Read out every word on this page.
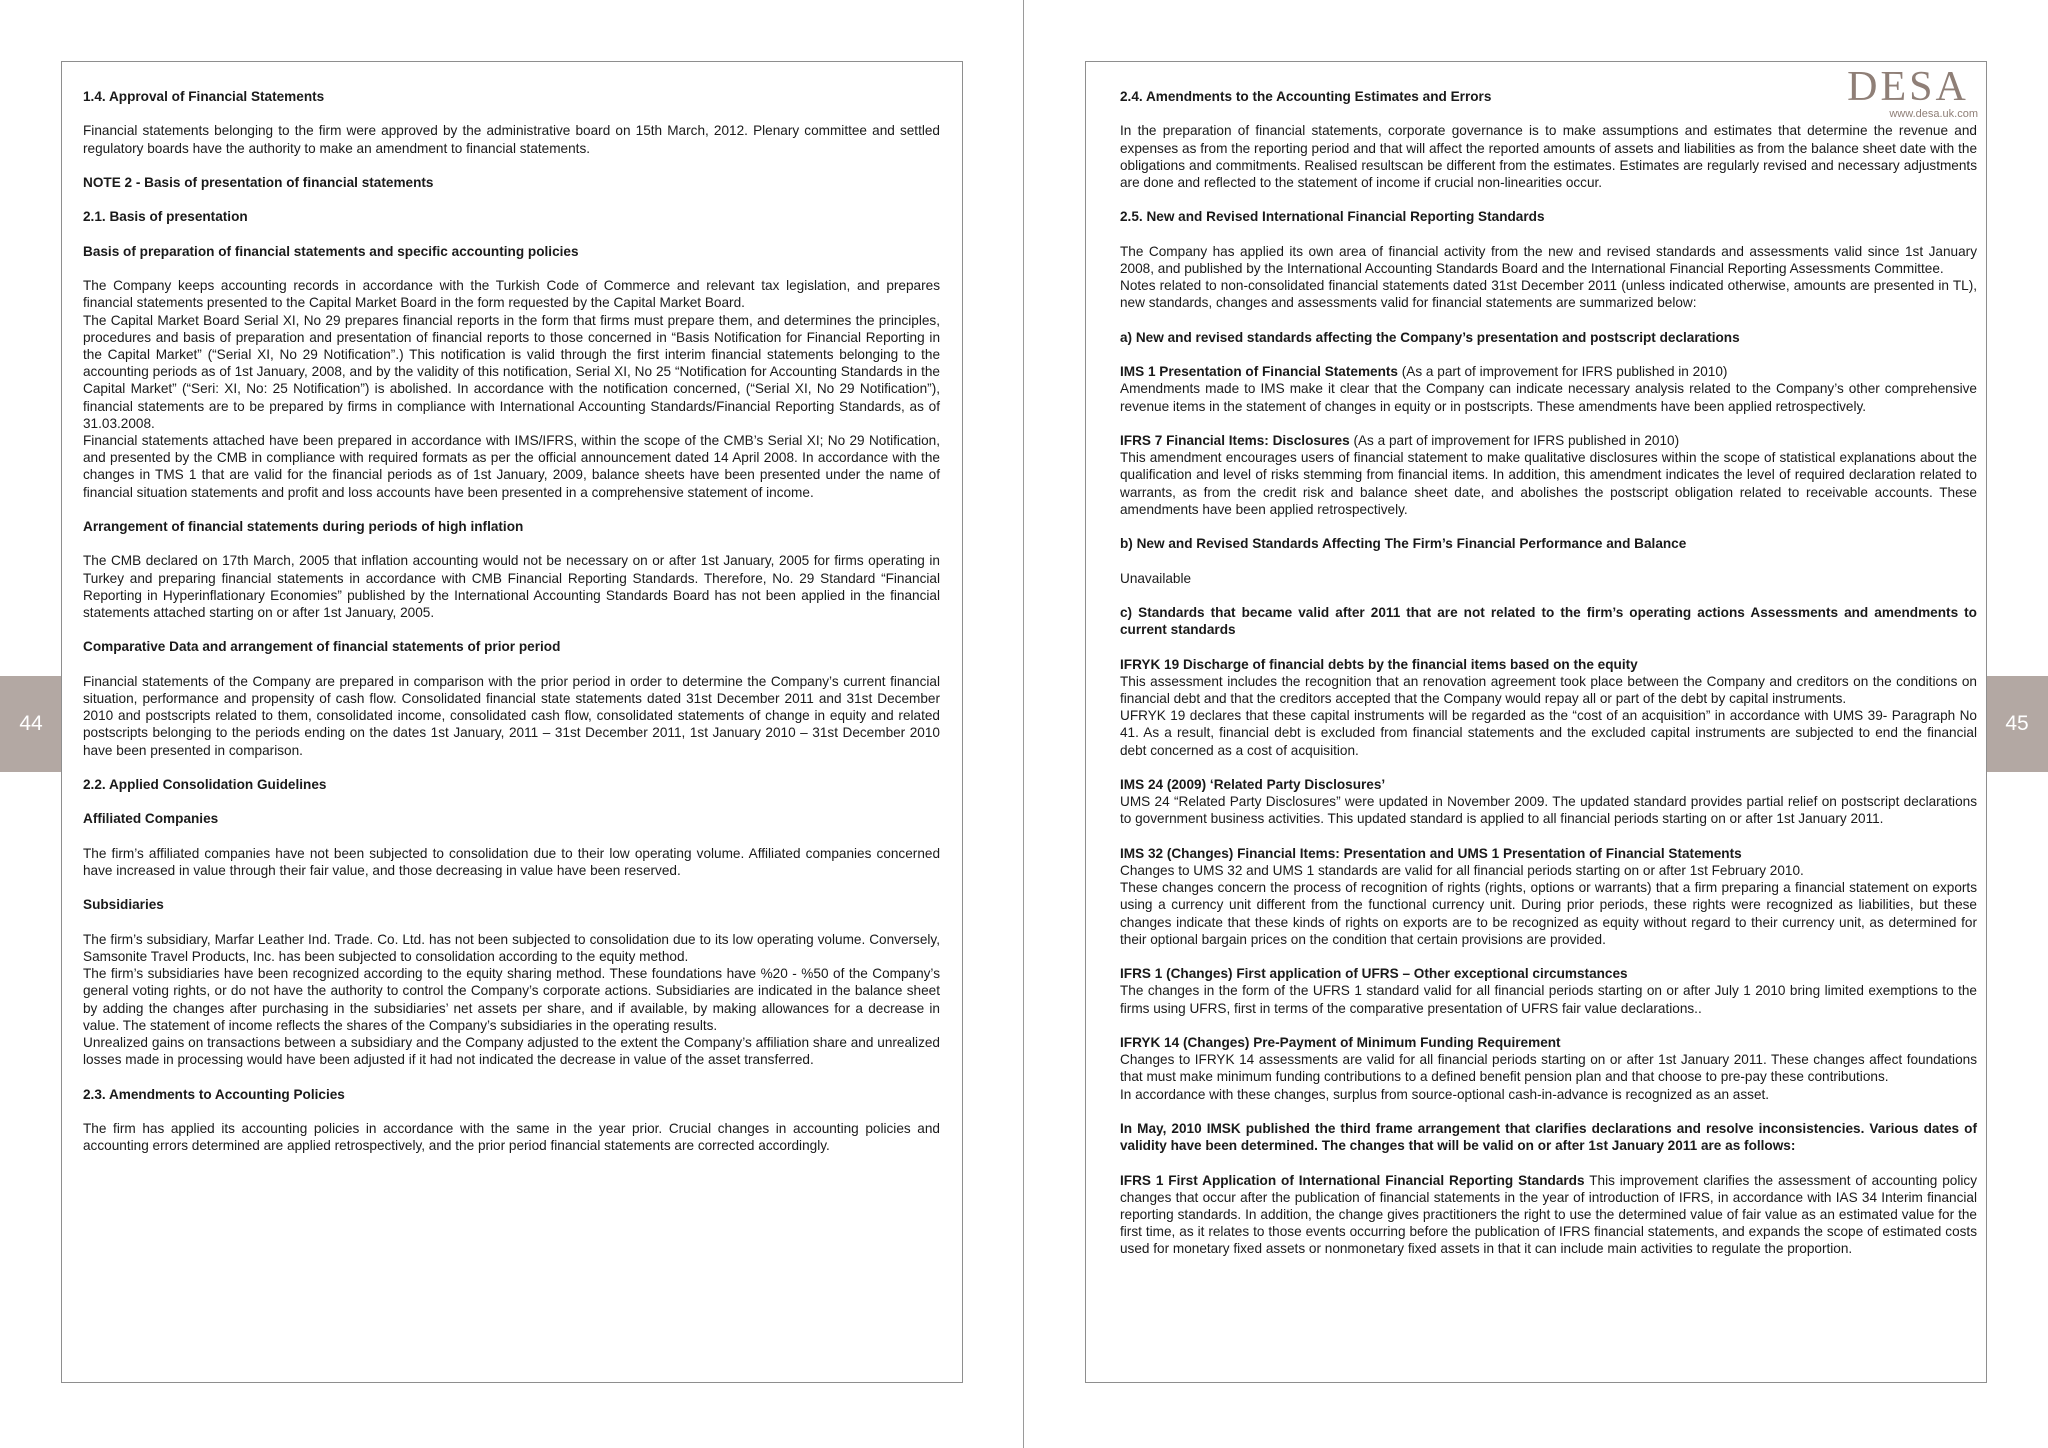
44	45
DESA
www.desa.uk.com

1.4. Approval of Financial Statements

Financial statements belonging to the firm were approved by the administrative board on 15th March, 2012. Plenary committee and settled regulatory boards have the authority to make an amendment to financial statements.

NOTE 2 - Basis of presentation of financial statements

2.1. Basis of presentation

Basis of preparation of financial statements and specific accounting policies

The Company keeps accounting records in accordance with the Turkish Code of Commerce and relevant tax legislation, and prepares financial statements presented to the Capital Market Board in the form requested by the Capital Market Board.

The Capital Market Board Serial XI, No 29 prepares financial reports in the form that firms must prepare them, and determines the principles, procedures and basis of preparation and presentation of financial reports to those concerned in “Basis Notification for Financial Reporting in the Capital Market” (“Serial XI, No 29 Notification”.) This notification is valid through the first interim financial statements belonging to the accounting periods as of 1st January, 2008, and by the validity of this notification, Serial XI, No 25 “Notification for Accounting Standards in the Capital Market” (“Seri: XI, No: 25 Notification”) is abolished. In accordance with the notification concerned, (“Serial XI, No 29 Notification”), financial statements are to be prepared by firms in compliance with International Accounting Standards/Financial Reporting Standards, as of 31.03.2008.

Financial statements attached have been prepared in accordance with IMS/IFRS, within the scope of the CMB’s Serial XI; No 29 Notification, and presented by the CMB in compliance with required formats as per the official announcement dated 14 April 2008. In accordance with the changes in TMS 1 that are valid for the financial periods as of 1st January, 2009, balance sheets have been presented under the name of financial situation statements and profit and loss accounts have been presented in a comprehensive statement of income.

Arrangement of financial statements during periods of high inflation

The CMB declared on 17th March, 2005 that inflation accounting would not be necessary on or after 1st January, 2005 for firms operating in Turkey and preparing financial statements in accordance with CMB Financial Reporting Standards. Therefore, No. 29 Standard “Financial Reporting in Hyperinflationary Economies” published by the International Accounting Standards Board has not been applied in the financial statements attached starting on or after 1st January, 2005.

Comparative Data and arrangement of financial statements of prior period

Financial statements of the Company are prepared in comparison with the prior period in order to determine the Company’s current financial situation, performance and propensity of cash flow. Consolidated financial state statements dated 31st December 2011 and 31st December 2010 and postscripts related to them, consolidated income, consolidated cash flow, consolidated statements of change in equity and related postscripts belonging to the periods ending on the dates 1st January, 2011 – 31st December 2011, 1st January 2010 – 31st December 2010 have been presented in comparison.

2.2. Applied Consolidation Guidelines

Affiliated Companies

The firm’s affiliated companies have not been subjected to consolidation due to their low operating volume. Affiliated companies concerned have increased in value through their fair value, and those decreasing in value have been reserved.

Subsidiaries

The firm’s subsidiary, Marfar Leather Ind. Trade. Co. Ltd. has not been subjected to consolidation due to its low operating volume. Conversely, Samsonite Travel Products, Inc. has been subjected to consolidation according to the equity method.

The firm’s subsidiaries have been recognized according to the equity sharing method. These foundations have %20 - %50 of the Company’s general voting rights, or do not have the authority to control the Company’s corporate actions. Subsidiaries are indicated in the balance sheet by adding the changes after purchasing in the subsidiaries’ net assets per share, and if available, by making allowances for a decrease in value. The statement of income reflects the shares of the Company’s subsidiaries in the operating results.

Unrealized gains on transactions between a subsidiary and the Company adjusted to the extent the Company’s affiliation share and unrealized losses made in processing would have been adjusted if it had not indicated the decrease in value of the asset transferred.

2.3. Amendments to Accounting Policies

The firm has applied its accounting policies in accordance with the same in the year prior. Crucial changes in accounting policies and accounting errors determined are applied retrospectively, and the prior period financial statements are corrected accordingly.

2.4. Amendments to the Accounting Estimates and Errors

In the preparation of financial statements, corporate governance is to make assumptions and estimates that determine the revenue and expenses as from the reporting period and that will affect the reported amounts of assets and liabilities as from the balance sheet date with the obligations and commitments. Realised resultscan be different from the estimates. Estimates are regularly revised and necessary adjustments are done and reflected to the statement of income if crucial non-linearities occur.

2.5. New and Revised International Financial Reporting Standards

The Company has applied its own area of financial activity from the new and revised standards and assessments valid since 1st January 2008, and published by the International Accounting Standards Board and the International Financial Reporting Assessments Committee.

Notes related to non-consolidated financial statements dated 31st December 2011 (unless indicated otherwise, amounts are presented in TL), new standards, changes and assessments valid for financial statements are summarized below:

a) New and revised standards affecting the Company’s presentation and postscript declarations

IMS 1 Presentation of Financial Statements (As a part of improvement for IFRS published in 2010)

Amendments made to IMS make it clear that the Company can indicate necessary analysis related to the Company’s other comprehensive revenue items in the statement of changes in equity or in postscripts. These amendments have been applied retrospectively.

IFRS 7 Financial Items: Disclosures (As a part of improvement for IFRS published in 2010)

This amendment encourages users of financial statement to make qualitative disclosures within the scope of statistical explanations about the qualification and level of risks stemming from financial items. In addition, this amendment indicates the level of required declaration related to warrants, as from the credit risk and balance sheet date, and abolishes the postscript obligation related to receivable accounts. These amendments have been applied retrospectively.

b) New and Revised Standards Affecting The Firm’s Financial Performance and Balance

Unavailable

c) Standards that became valid after 2011 that are not related to the firm’s operating actions Assessments and amendments to current standards

IFRYK 19 Discharge of financial debts by the financial items based on the equity

This assessment includes the recognition that an renovation agreement took place between the Company and creditors on the conditions on financial debt and that the creditors accepted that the Company would repay all or part of the debt by capital instruments.

UFRYK 19 declares that these capital instruments will be regarded as the “cost of an acquisition” in accordance with UMS 39- Paragraph No 41. As a result, financial debt is excluded from financial statements and the excluded capital instruments are subjected to end the financial debt concerned as a cost of acquisition.

IMS 24 (2009) ‘Related Party Disclosures’

UMS 24 “Related Party Disclosures” were updated in November 2009. The updated standard provides partial relief on postscript declarations to government business activities. This updated standard is applied to all financial periods starting on or after 1st January 2011.

IMS 32 (Changes) Financial Items: Presentation and UMS 1 Presentation of Financial Statements

Changes to UMS 32 and UMS 1 standards are valid for all financial periods starting on or after 1st February 2010.

These changes concern the process of recognition of rights (rights, options or warrants) that a firm preparing a financial statement on exports using a currency unit different from the functional currency unit. During prior periods, these rights were recognized as liabilities, but these changes indicate that these kinds of rights on exports are to be recognized as equity without regard to their currency unit, as determined for their optional bargain prices on the condition that certain provisions are provided.

IFRS 1 (Changes) First application of UFRS – Other exceptional circumstances

The changes in the form of the UFRS 1 standard valid for all financial periods starting on or after July 1 2010 bring limited exemptions to the firms using UFRS, first in terms of the comparative presentation of UFRS fair value declarations..

IFRYK 14 (Changes) Pre-Payment of Minimum Funding Requirement

Changes to IFRYK 14 assessments are valid for all financial periods starting on or after 1st January 2011. These changes affect foundations that must make minimum funding contributions to a defined benefit pension plan and that choose to pre-pay these contributions.

In accordance with these changes, surplus from source-optional cash-in-advance is recognized as an asset.

In May, 2010 IMSK published the third frame arrangement that clarifies declarations and resolve inconsistencies. Various dates of validity have been determined. The changes that will be valid on or after 1st January 2011 are as follows:

IFRS 1 First Application of International Financial Reporting Standards This improvement clarifies the assessment of accounting policy changes that occur after the publication of financial statements in the year of introduction of IFRS, in accordance with IAS 34 Interim financial reporting standards. In addition, the change gives practitioners the right to use the determined value of fair value as an estimated value for the first time, as it relates to those events occurring before the publication of IFRS financial statements, and expands the scope of estimated costs used for monetary fixed assets or nonmonetary fixed assets in that it can include main activities to regulate the proportion.
